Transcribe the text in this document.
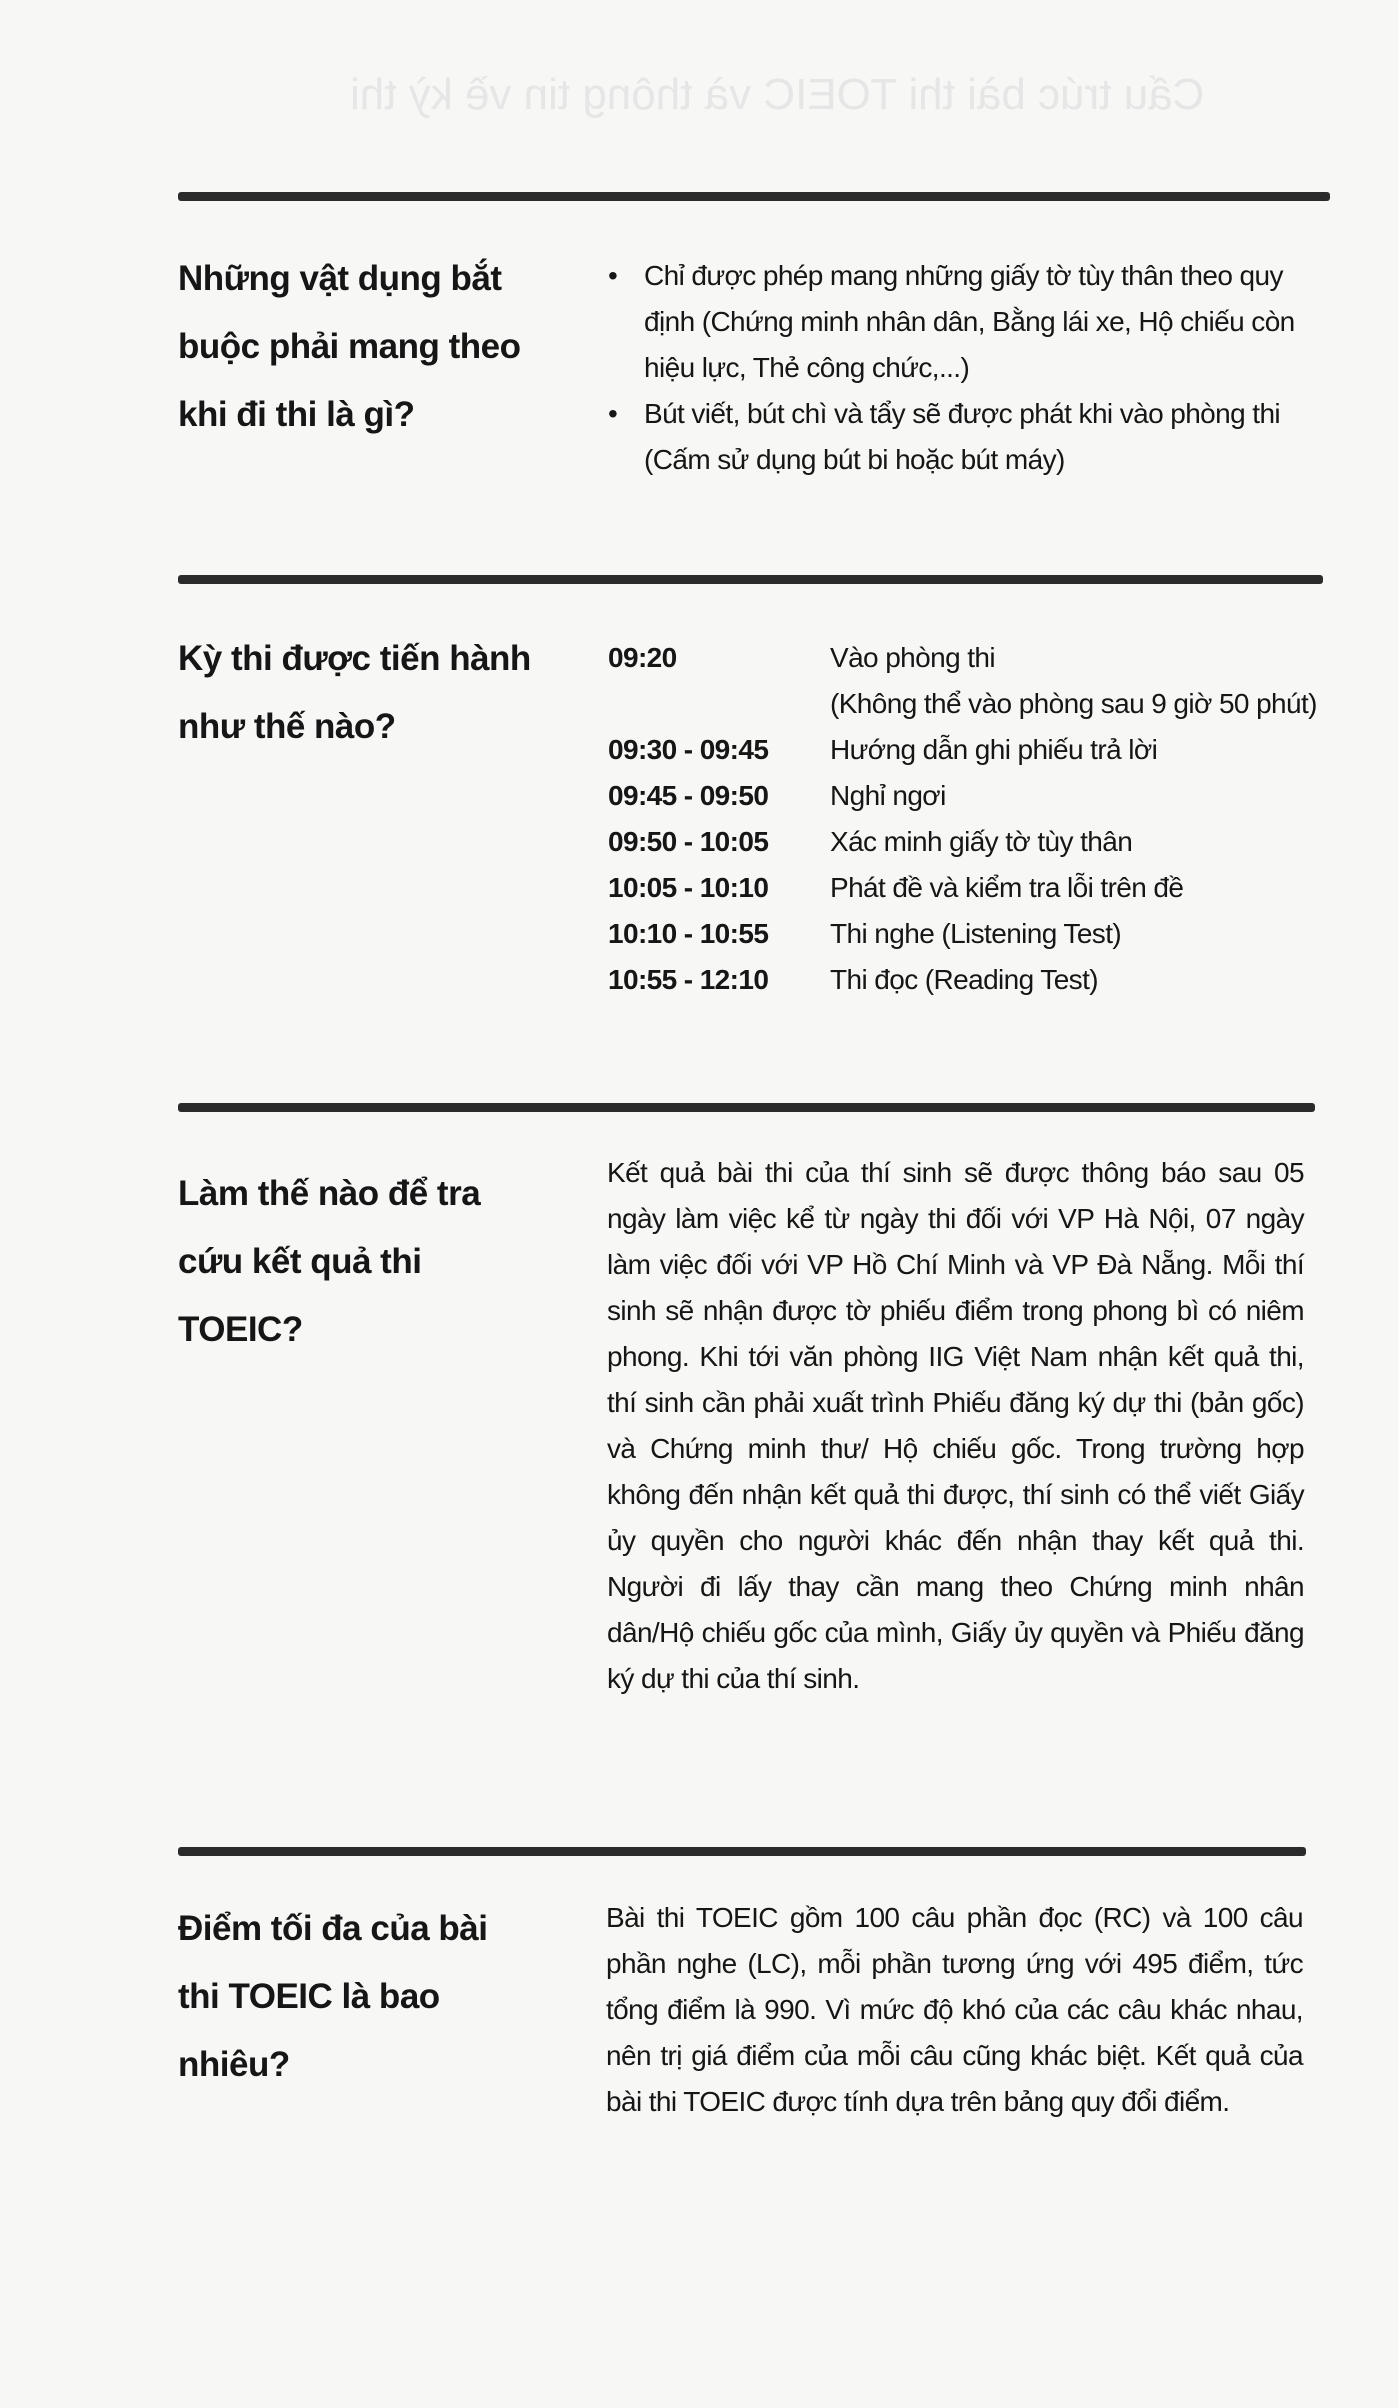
Cấu trúc bài thi TOEIC và thông tin về kỳ thi
Những vật dụng bắt buộc phải mang theo khi đi thi là gì?
• Chỉ được phép mang những giấy tờ tùy thân theo quy định (Chứng minh nhân dân, Bằng lái xe, Hộ chiếu còn hiệu lực, Thẻ công chức,...)
• Bút viết, bút chì và tẩy sẽ được phát khi vào phòng thi (Cấm sử dụng bút bi hoặc bút máy)
Kỳ thi được tiến hành như thế nào?
09:20	Vào phòng thi
(Không thể vào phòng sau 9 giờ 50 phút)
09:30 - 09:45	Hướng dẫn ghi phiếu trả lời
09:45 - 09:50	Nghỉ ngơi
09:50 - 10:05	Xác minh giấy tờ tùy thân
10:05 - 10:10	Phát đề và kiểm tra lỗi trên đề
10:10 - 10:55	Thi nghe (Listening Test)
10:55 - 12:10	Thi đọc (Reading Test)
Làm thế nào để tra cứu kết quả thi TOEIC?
Kết quả bài thi của thí sinh sẽ được thông báo sau 05 ngày làm việc kể từ ngày thi đối với VP Hà Nội, 07 ngày làm việc đối với VP Hồ Chí Minh và VP Đà Nẵng. Mỗi thí sinh sẽ nhận được tờ phiếu điểm trong phong bì có niêm phong. Khi tới văn phòng IIG Việt Nam nhận kết quả thi, thí sinh cần phải xuất trình Phiếu đăng ký dự thi (bản gốc) và Chứng minh thư/ Hộ chiếu gốc. Trong trường hợp không đến nhận kết quả thi được, thí sinh có thể viết Giấy ủy quyền cho người khác đến nhận thay kết quả thi. Người đi lấy thay cần mang theo Chứng minh nhân dân/Hộ chiếu gốc của mình, Giấy ủy quyền và Phiếu đăng ký dự thi của thí sinh.
Điểm tối đa của bài thi TOEIC là bao nhiêu?
Bài thi TOEIC gồm 100 câu phần đọc (RC) và 100 câu phần nghe (LC), mỗi phần tương ứng với 495 điểm, tức tổng điểm là 990. Vì mức độ khó của các câu khác nhau, nên trị giá điểm của mỗi câu cũng khác biệt. Kết quả của bài thi TOEIC được tính dựa trên bảng quy đổi điểm.
